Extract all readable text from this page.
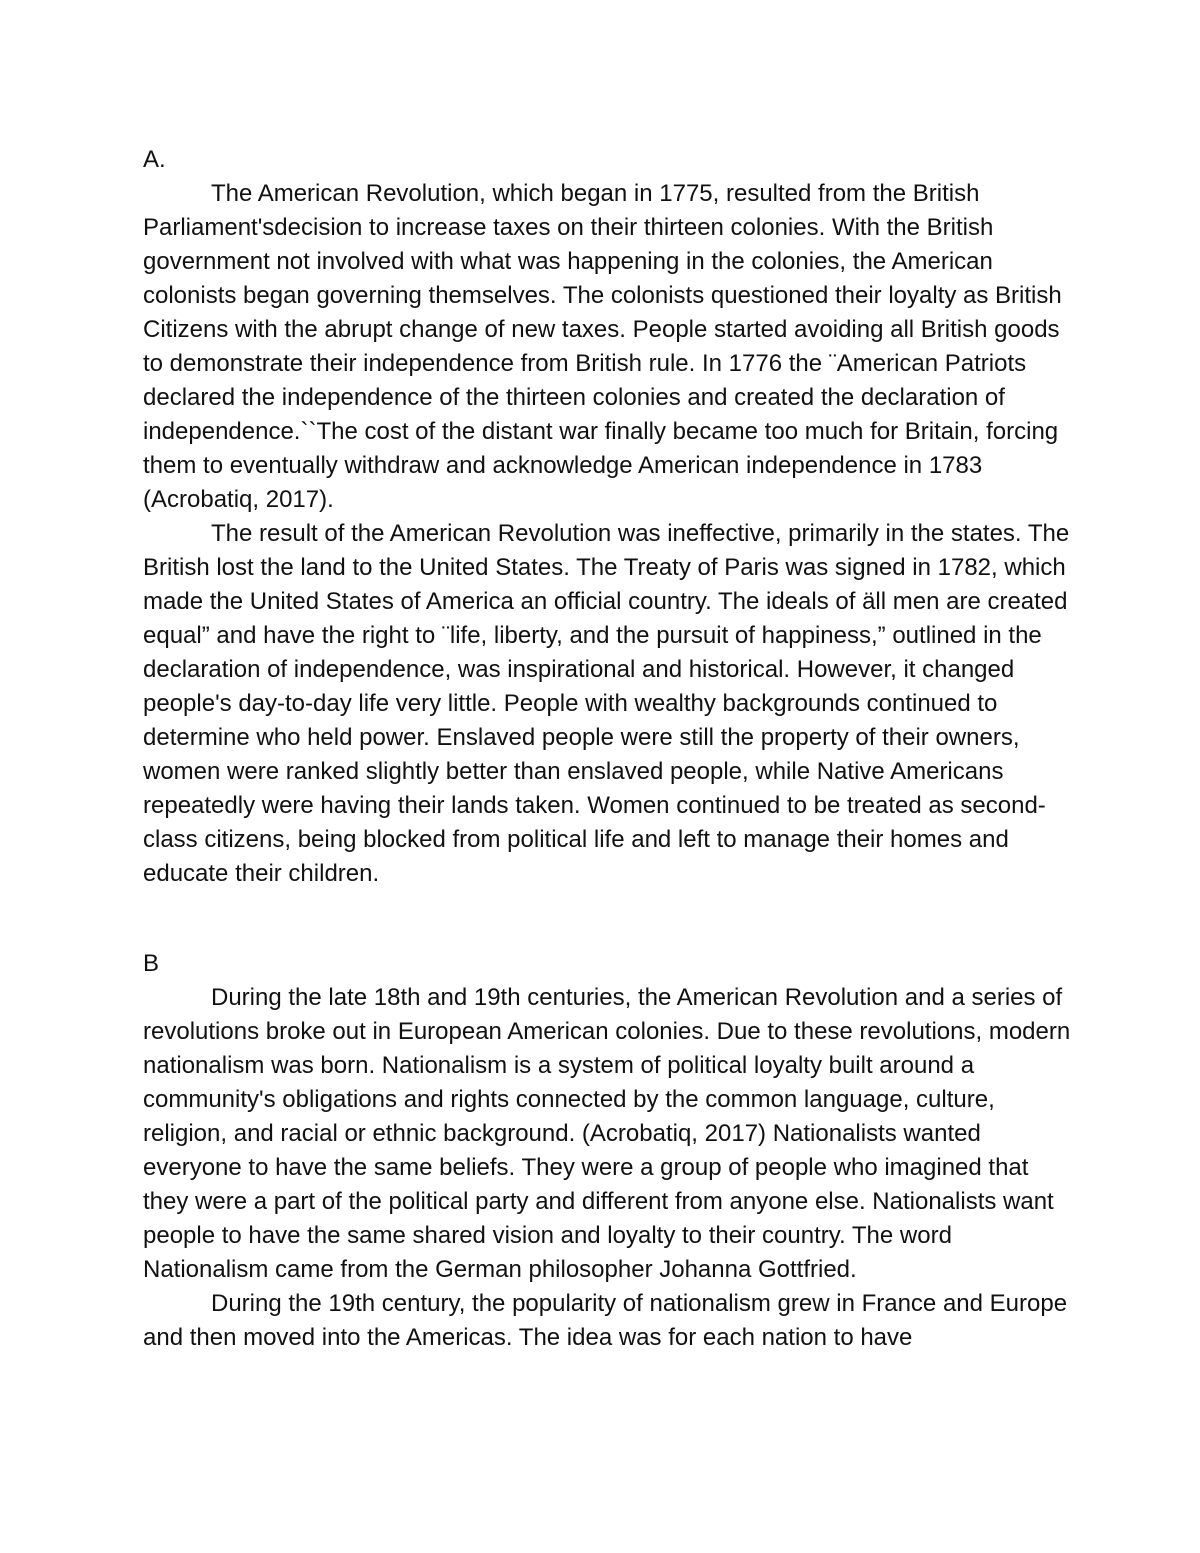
A.

The American Revolution, which began in 1775, resulted from the British Parliament'sdecision to increase taxes on their thirteen colonies. With the British government not involved with what was happening in the colonies, the American colonists began governing themselves. The colonists questioned their loyalty as British Citizens with the abrupt change of new taxes. People started avoiding all British goods to demonstrate their independence from British rule. In 1776 the ¨American Patriots declared the independence of the thirteen colonies and created the declaration of independence.``The cost of the distant war finally became too much for Britain, forcing them to eventually withdraw and acknowledge American independence in 1783 (Acrobatiq, 2017).

The result of the American Revolution was ineffective, primarily in the states. The British lost the land to the United States. The Treaty of Paris was signed in 1782, which made the United States of America an official country. The ideals of äll men are created equal” and have the right to ¨life, liberty, and the pursuit of happiness,” outlined in the declaration of independence, was inspirational and historical. However, it changed people's day-to-day life very little. People with wealthy backgrounds continued to determine who held power. Enslaved people were still the property of their owners, women were ranked slightly better than enslaved people, while Native Americans repeatedly were having their lands taken. Women continued to be treated as second-class citizens, being blocked from political life and left to manage their homes and educate their children.

B

During the late 18th and 19th centuries, the American Revolution and a series of revolutions broke out in European American colonies. Due to these revolutions, modern nationalism was born. Nationalism is a system of political loyalty built around a community's obligations and rights connected by the common language, culture, religion, and racial or ethnic background. (Acrobatiq, 2017) Nationalists wanted everyone to have the same beliefs. They were a group of people who imagined that they were a part of the political party and different from anyone else. Nationalists want people to have the same shared vision and loyalty to their country. The word Nationalism came from the German philosopher Johanna Gottfried.

During the 19th century, the popularity of nationalism grew in France and Europe and then moved into the Americas. The idea was for each nation to have
